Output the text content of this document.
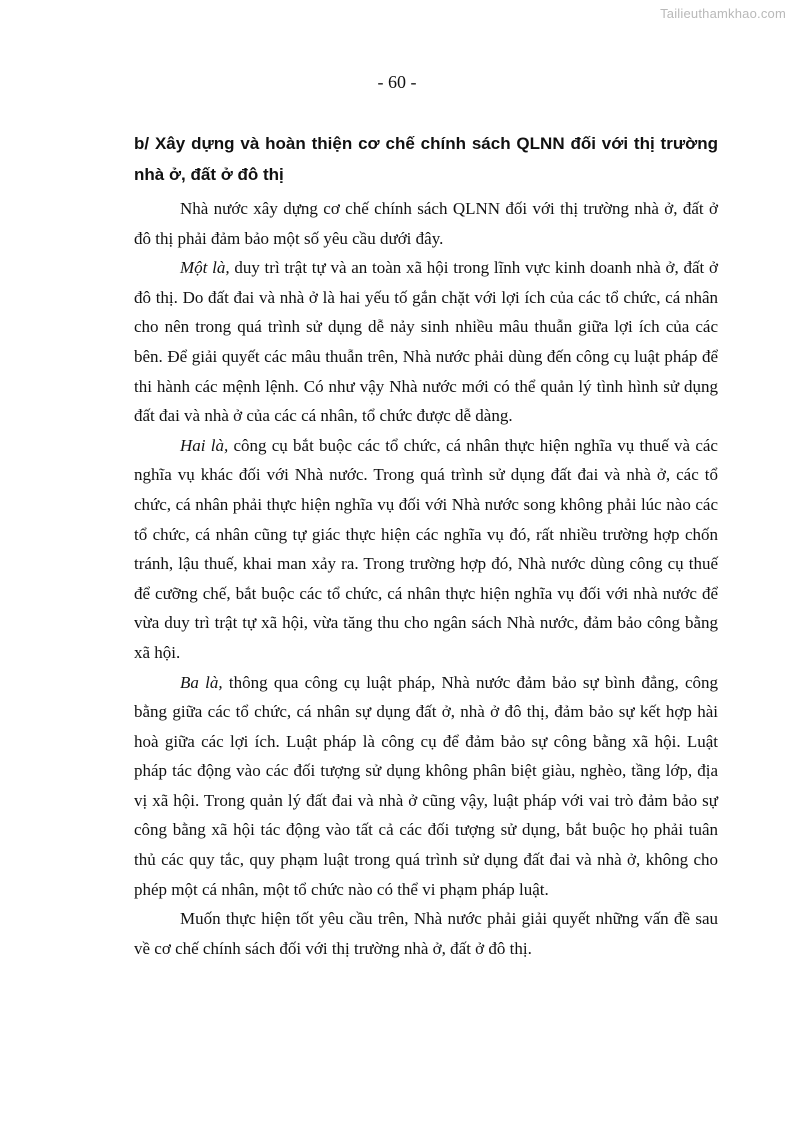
Tailieuthamkhao.com
- 60 -

b/ Xây dựng và hoàn thiện cơ chế chính sách QLNN đối với thị trường nhà ở, đất ở đô thị

Nhà nước xây dựng cơ chế chính sách QLNN đối với thị trường nhà ở, đất ở đô thị phải đảm bảo một số yêu cầu dưới đây.

Một là, duy trì trật tự và an toàn xã hội trong lĩnh vực kinh doanh nhà ở, đất ở đô thị. Do đất đai và nhà ở là hai yếu tố gắn chặt với lợi ích của các tổ chức, cá nhân cho nên trong quá trình sử dụng dễ nảy sinh nhiều mâu thuẫn giữa lợi ích của các bên. Để giải quyết các mâu thuẫn trên, Nhà nước phải dùng đến công cụ luật pháp để thi hành các mệnh lệnh. Có như vậy Nhà nước mới có thể quản lý tình hình sử dụng đất đai và nhà ở của các cá nhân, tổ chức được dễ dàng.

Hai là, công cụ bắt buộc các tổ chức, cá nhân thực hiện nghĩa vụ thuế và các nghĩa vụ khác đối với Nhà nước. Trong quá trình sử dụng đất đai và nhà ở, các tổ chức, cá nhân phải thực hiện nghĩa vụ đối với Nhà nước song không phải lúc nào các tổ chức, cá nhân cũng tự giác thực hiện các nghĩa vụ đó, rất nhiều trường hợp chốn tránh, lậu thuế, khai man xảy ra. Trong trường hợp đó, Nhà nước dùng công cụ thuế để cưỡng chế, bắt buộc các tổ chức, cá nhân thực hiện nghĩa vụ đối với nhà nước để vừa duy trì trật tự xã hội, vừa tăng thu cho ngân sách Nhà nước, đảm bảo công bằng xã hội.

Ba là, thông qua công cụ luật pháp, Nhà nước đảm bảo sự bình đẳng, công bằng giữa các tổ chức, cá nhân sự dụng đất ở, nhà ở đô thị, đảm bảo sự kết hợp hài hoà giữa các lợi ích. Luật pháp là công cụ để đảm bảo sự công bằng xã hội. Luật pháp tác động vào các đối tượng sử dụng không phân biệt giàu, nghèo, tầng lớp, địa vị xã hội. Trong quản lý đất đai và nhà ở cũng vậy, luật pháp với vai trò đảm bảo sự công bằng xã hội tác động vào tất cả các đối tượng sử dụng, bắt buộc họ phải tuân thủ các quy tắc, quy phạm luật trong quá trình sử dụng đất đai và nhà ở, không cho phép một cá nhân, một tổ chức nào có thể vi phạm pháp luật.

Muốn thực hiện tốt yêu cầu trên, Nhà nước phải giải quyết những vấn đề sau về cơ chế chính sách đối với thị trường nhà ở, đất ở đô thị.
